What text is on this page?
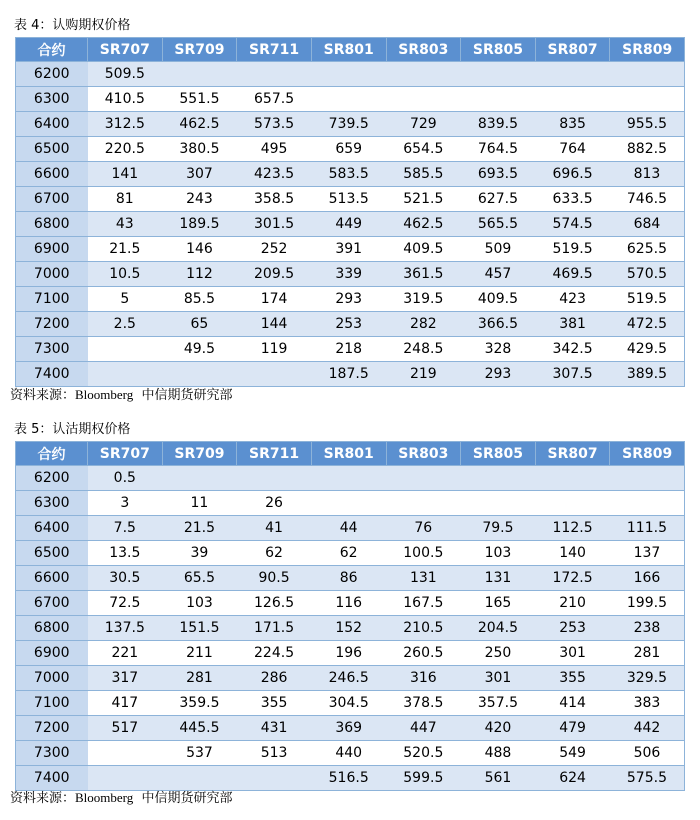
表 4：认购期权价格
合约	SR707	SR709	SR711	SR801	SR803	SR805	SR807	SR809
6200	509.5							
6300	410.5	551.5	657.5					
6400	312.5	462.5	573.5	739.5	729	839.5	835	955.5
6500	220.5	380.5	495	659	654.5	764.5	764	882.5
6600	141	307	423.5	583.5	585.5	693.5	696.5	813
6700	81	243	358.5	513.5	521.5	627.5	633.5	746.5
6800	43	189.5	301.5	449	462.5	565.5	574.5	684
6900	21.5	146	252	391	409.5	509	519.5	625.5
7000	10.5	112	209.5	339	361.5	457	469.5	570.5
7100	5	85.5	174	293	319.5	409.5	423	519.5
7200	2.5	65	144	253	282	366.5	381	472.5
7300		49.5	119	218	248.5	328	342.5	429.5
7400				187.5	219	293	307.5	389.5
资料来源：Bloomberg 中信期货研究部
表 5：认沽期权价格
合约	SR707	SR709	SR711	SR801	SR803	SR805	SR807	SR809
6200	0.5							
6300	3	11	26					
6400	7.5	21.5	41	44	76	79.5	112.5	111.5
6500	13.5	39	62	62	100.5	103	140	137
6600	30.5	65.5	90.5	86	131	131	172.5	166
6700	72.5	103	126.5	116	167.5	165	210	199.5
6800	137.5	151.5	171.5	152	210.5	204.5	253	238
6900	221	211	224.5	196	260.5	250	301	281
7000	317	281	286	246.5	316	301	355	329.5
7100	417	359.5	355	304.5	378.5	357.5	414	383
7200	517	445.5	431	369	447	420	479	442
7300		537	513	440	520.5	488	549	506
7400				516.5	599.5	561	624	575.5
资料来源：Bloomberg 中信期货研究部
